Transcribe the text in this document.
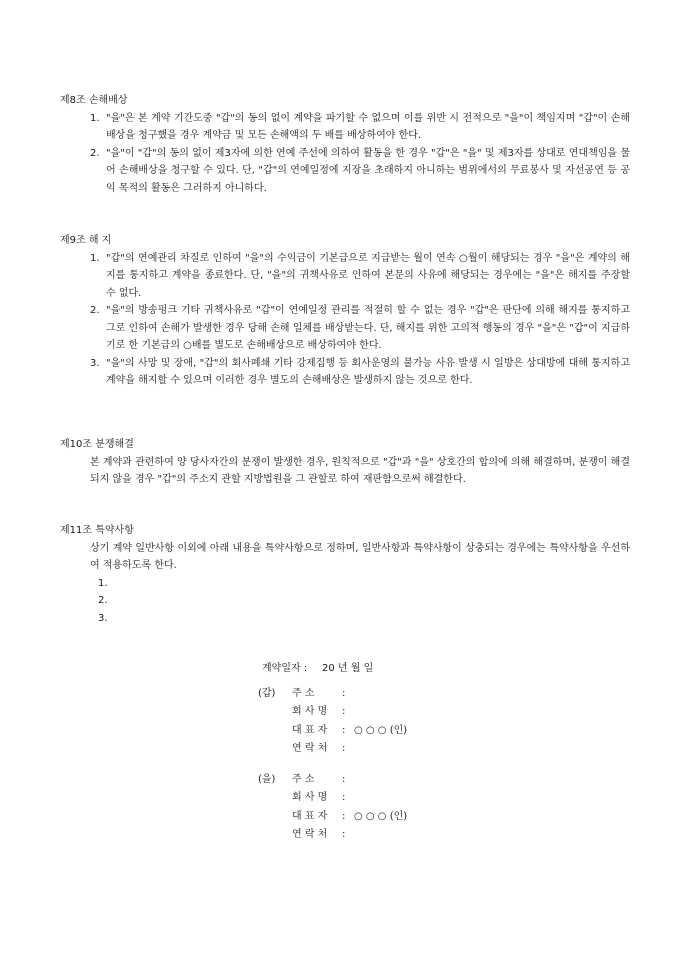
제8조 손해배상
1. "을"은 본 계약 기간도중 "갑"의 동의 없이 계약을 파기할 수 없으며 이를 위반 시 전적으로 "을"이 책임지며 "갑"이 손해배상을 청구했을 경우 계약금 및 모든 손해액의 두 배를 배상하여야 한다.
2. "을"이 "갑"의 동의 없이 제3자에 의한 연예 주선에 의하여 활동을 한 경우 "갑"은 "을" 및 제3자를 상대로 연대책임을 물어 손해배상을 청구할 수 있다. 단, "갑"의 연예일정에 지장을 초래하지 아니하는 범위에서의 무료봉사 및 자선공연 등 공익 목적의 활동은 그러하지 아니하다.
제9조 해 지
1. "갑"의 연예관리 차질로 인하여 "을"의 수익금이 기본급으로 지급받는 월이 연속 ○월이 해당되는 경우 "을"은 계약의 해지를 통지하고 계약을 종료한다. 단, "을"의 귀책사유로 인하여 본문의 사유에 해당되는 경우에는 "을"은 해지를 주장할 수 없다.
2. "을"의 방송펑크 기타 귀책사유로 "갑"이 연예일정 관리를 적절히 할 수 없는 경우 "갑"은 판단에 의해 해지를 통지하고 그로 인하여 손해가 발생한 경우 당해 손해 일체를 배상받는다. 단, 해지를 위한 고의적 행동의 경우 "을"은 "갑"이 지급하기로 한 기본급의 ○배를 별도로 손해배상으로 배상하여야 한다.
3. "을"의 사망 및 장애, "갑"의 회사폐쇄 기타 강제집행 등 회사운영의 불가능 사유 발생 시 일방은 상대방에 대해 통지하고 계약을 해지할 수 있으며 이러한 경우 별도의 손해배상은 발생하지 않는 것으로 한다.
제10조 분쟁해결
본 계약과 관련하여 양 당사자간의 분쟁이 발생한 경우, 원칙적으로 "갑"과 "을" 상호간의 합의에 의해 해결하며, 분쟁이 해결되지 않을 경우 "갑"의 주소지 관할 지방법원을 그 관할로 하여 재판함으로써 해결한다.
제11조 특약사항
상기 계약 일반사항 이외에 아래 내용을 특약사항으로 정하며, 일반사항과 특약사항이 상충되는 경우에는 특약사항을 우선하여 적용하도록 한다.
1.
2.
3.
계약일자 : 20 년 월 일
(갑) 주 소	:
회 사 명 :
대 표 자 : ○ ○ ○ (인)
연 락 처 :
(을) 주 소	:
회 사 명 :
대 표 자 : ○ ○ ○ (인)
연 락 처 :
